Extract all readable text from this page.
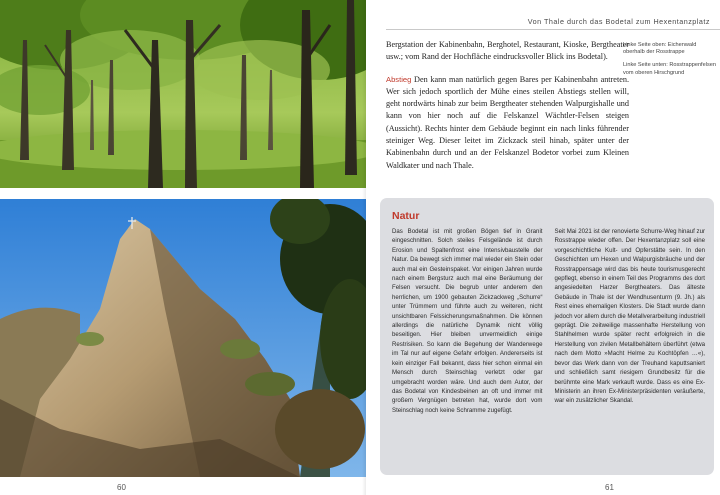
60
Von Thale durch das Bodetal zum Hexentanzplatz

Bergstation der Kabinenbahn, Berghotel, Restaurant, Kioske, Bergtheater usw.; vom Rand der Hochfläche eindrucksvoller Blick ins Bodetal).

Abstieg Den kann man natürlich gegen Bares per Kabinenbahn antreten. Wer sich jedoch sportlich der Mühe eines steilen Abstiegs stellen will, geht nordwärts hinab zur beim Bergtheater stehenden Walpurgishalle und kann von hier noch auf die Felskanzel Wächtler-Felsen steigen (Aussicht). Rechts hinter dem Gebäude beginnt ein nach links führender steiniger Weg. Dieser leitet im Zickzack steil hinab, später unter der Kabinenbahn durch und an der Felskanzel Bodetor vorbei zum Kleinen Waldkater und nach Thale.

Linke Seite oben: Eichenwald oberhalb der Rosstrappe
Linke Seite unten: Rosstrappenfelsen vom oberen Hirschgrund
Natur
Das Bodetal ist mit großen Bögen tief in Granit eingeschnitten. Solch steiles Felsgelände ist durch Erosion und Spaltenfrost eine Intensivbaustelle der Natur. Da bewegt sich immer mal wieder ein Stein oder auch mal ein Gesteinspaket. Vor einigen Jahren wurde nach einem Bergsturz auch mal eine Beräumung der Felsen versucht. Die begrub unter anderem den herrlichen, um 1900 gebauten Zickzackweg „Schurre“ unter Trümmern und führte auch zu weiteren, nicht unsichtbaren Felssicherungsmaßnahmen. Die können allerdings die natürliche Dynamik nicht völlig beseitigen. Hier bleiben unvermeidlich einige Restrisiken. So kann die Begehung der Wanderwege im Tal nur auf eigene Gefahr erfolgen. Andererseits ist kein einziger Fall bekannt, dass hier schon einmal ein Mensch durch Steinschlag verletzt oder gar umgebracht worden wäre. Und auch dem Autor, der das Bodetal von Kindesbeinen an oft und immer mit großem Vergnügen betreten hat, wurde dort vom Steinschlag noch keine Schramme zugefügt.
Seit Mai 2021 ist der renovierte Schurre-Weg hinauf zur Rosstrappe wieder offen. Der Hexentanzplatz soll eine vorgeschichtliche Kult- und Opferstätte sein. In den Geschichten um Hexen und Walpurgisbräuche und der Rosstrappensage wird das bis heute tourismusgerecht gepflegt, ebenso in einem Teil des Programms des dort angesiedelten Harzer Bergtheaters. Das älteste Gebäude in Thale ist der Wendhusenturm (9. Jh.) als Rest eines ehemaligen Klosters. Die Stadt wurde dann jedoch vor allem durch die Metallverarbeitung industriell geprägt. Die zeitweilige massenhafte Herstellung von Stahlhelmen wurde später recht erfolgreich in die Herstellung von zivilen Metallbehältern überführt (etwa nach dem Motto »Macht Helme zu Kochtöpfen …«), bevor das Werk dann von der Treuhand kaputtsaniert und schließlich samt riesigem Grundbesitz für die berühmte eine Mark verkauft wurde. Dass es eine Ex-Ministerin an ihren Ex-Ministerpräsidenten veräußerte, war ein zusätzlicher Skandal.
61
